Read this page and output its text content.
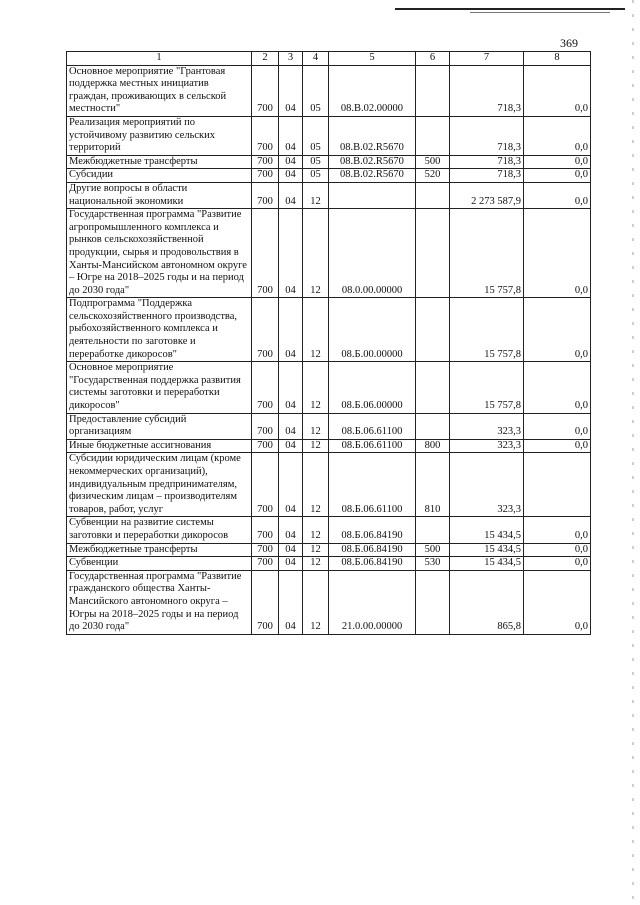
369
1	2	3	4	5	6	7	8
Основное мероприятие "Грантовая поддержка местных инициатив граждан, проживающих в сельской местности"	700	04	05	08.В.02.00000		718,3	0,0
Реализация мероприятий по устойчивому развитию сельских территорий	700	04	05	08.В.02.R5670		718,3	0,0
Межбюджетные трансферты	700	04	05	08.В.02.R5670	500	718,3	0,0
Субсидии	700	04	05	08.В.02.R5670	520	718,3	0,0
Другие вопросы в области национальной экономики	700	04	12			2 273 587,9	0,0
Государственная программа "Развитие агропромышленного комплекса и рынков сельскохозяйственной продукции, сырья и продовольствия в Ханты-Мансийском автономном округе – Югре на 2018–2025 годы и на период до 2030 года"	700	04	12	08.0.00.00000		15 757,8	0,0
Подпрограмма "Поддержка сельскохозяйственного производства, рыбохозяйственного комплекса и деятельности по заготовке и переработке дикоросов"	700	04	12	08.Б.00.00000		15 757,8	0,0
Основное мероприятие "Государственная поддержка развития системы заготовки и переработки дикоросов"	700	04	12	08.Б.06.00000		15 757,8	0,0
Предоставление субсидий организациям	700	04	12	08.Б.06.61100		323,3	0,0
Иные бюджетные ассигнования	700	04	12	08.Б.06.61100	800	323,3	0,0
Субсидии юридическим лицам (кроме некоммерческих организаций), индивидуальным предпринимателям, физическим лицам – производителям товаров, работ, услуг	700	04	12	08.Б.06.61100	810	323,3	
Субвенции на развитие системы заготовки и переработки дикоросов	700	04	12	08.Б.06.84190		15 434,5	0,0
Межбюджетные трансферты	700	04	12	08.Б.06.84190	500	15 434,5	0,0
Субвенции	700	04	12	08.Б.06.84190	530	15 434,5	0,0
Государственная программа "Развитие гражданского общества Ханты-Мансийского автономного округа – Югры на 2018–2025 годы и на период до 2030 года"	700	04	12	21.0.00.00000		865,8	0,0
